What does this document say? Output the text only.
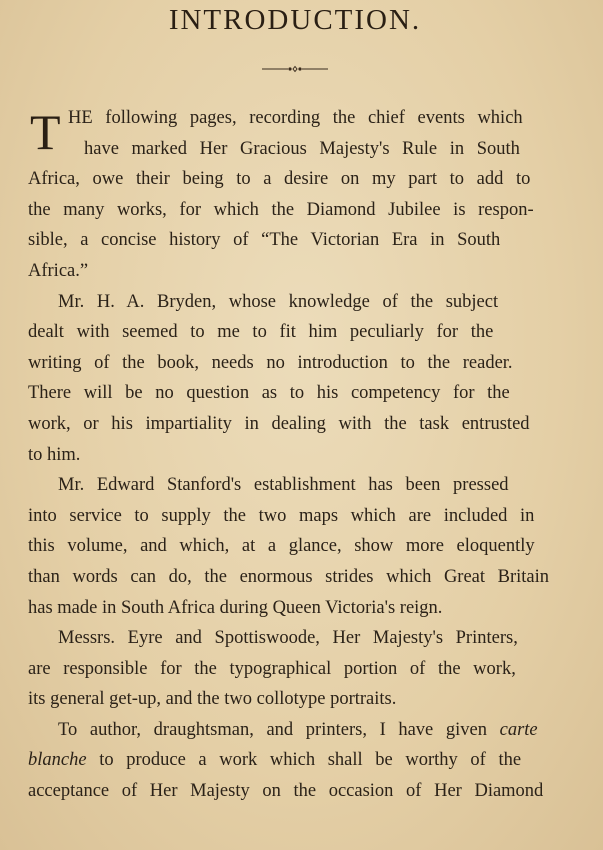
INTRODUCTION.
T HE following pages, recording the chief events which
have marked Her Gracious Majesty's Rule in South
Africa, owe their being to a desire on my part to add to
the many works, for which the Diamond Jubilee is respon-
sible, a concise history of “The Victorian Era in South
Africa.”
Mr. H. A. Bryden, whose knowledge of the subject
dealt with seemed to me to fit him peculiarly for the
writing of the book, needs no introduction to the reader.
There will be no question as to his competency for the
work, or his impartiality in dealing with the task entrusted
to him.
Mr. Edward Stanford's establishment has been pressed
into service to supply the two maps which are included in
this volume, and which, at a glance, show more eloquently
than words can do, the enormous strides which Great Britain
has made in South Africa during Queen Victoria's reign.
Messrs. Eyre and Spottiswoode, Her Majesty's Printers,
are responsible for the typographical portion of the work,
its general get-up, and the two collotype portraits.
To author, draughtsman, and printers, I have given carte
blanche to produce a work which shall be worthy of the
acceptance of Her Majesty on the occasion of Her Diamond
